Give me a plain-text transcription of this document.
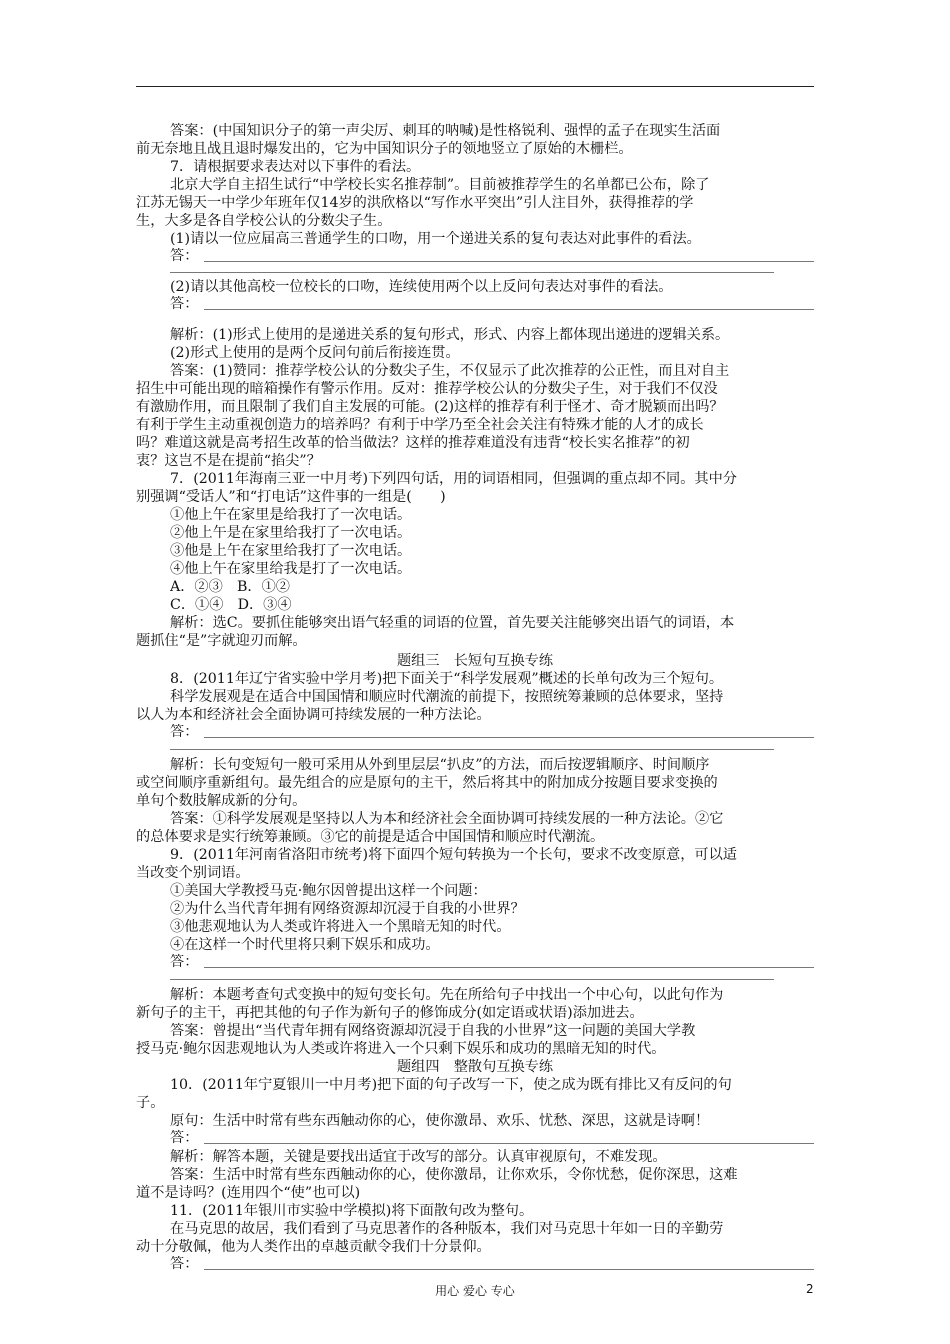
答案：(中国知识分子的第一声尖厉、刺耳的呐喊)是性格锐利、强悍的孟子在现实生活面
前无奈地且战且退时爆发出的，它为中国知识分子的领地竖立了原始的木栅栏。
7．请根据要求表达对以下事件的看法。
北京大学自主招生试行“中学校长实名推荐制”。目前被推荐学生的名单都已公布，除了
江苏无锡天一中学少年班年仅14岁的洪欣格以“写作水平突出”引人注目外，获得推荐的学
生，大多是各自学校公认的分数尖子生。
(1)请以一位应届高三普通学生的口吻，用一个递进关系的复句表达对此事件的看法。
答：
(2)请以其他高校一位校长的口吻，连续使用两个以上反问句表达对事件的看法。
答：
解析：(1)形式上使用的是递进关系的复句形式，形式、内容上都体现出递进的逻辑关系。
(2)形式上使用的是两个反问句前后衔接连贯。
答案：(1)赞同：推荐学校公认的分数尖子生，不仅显示了此次推荐的公正性，而且对自主
招生中可能出现的暗箱操作有警示作用。反对：推荐学校公认的分数尖子生，对于我们不仅没
有激励作用，而且限制了我们自主发展的可能。(2)这样的推荐有利于怪才、奇才脱颖而出吗？
有利于学生主动重视创造力的培养吗？有利于中学乃至全社会关注有特殊才能的人才的成长
吗？难道这就是高考招生改革的恰当做法？这样的推荐难道没有违背“校长实名推荐”的初
衷？这岂不是在提前“掐尖”？
7．(2011年海南三亚一中月考)下列四句话，用的词语相同，但强调的重点却不同。其中分
别强调“受话人”和“打电话”这件事的一组是(　　)
①他上午在家里是给我打了一次电话。
②他上午是在家里给我打了一次电话。
③他是上午在家里给我打了一次电话。
④他上午在家里给我是打了一次电话。
A．②③　B．①②
C．①④　D．③④
解析：选C。要抓住能够突出语气轻重的词语的位置，首先要关注能够突出语气的词语，本
题抓住“是”字就迎刃而解。
题组三　长短句互换专练
8．(2011年辽宁省实验中学月考)把下面关于“科学发展观”概述的长单句改为三个短句。
科学发展观是在适合中国国情和顺应时代潮流的前提下，按照统筹兼顾的总体要求，坚持
以人为本和经济社会全面协调可持续发展的一种方法论。
答：
解析：长句变短句一般可采用从外到里层层“扒皮”的方法，而后按逻辑顺序、时间顺序
或空间顺序重新组句。最先组合的应是原句的主干，然后将其中的附加成分按题目要求变换的
单句个数肢解成新的分句。
答案：①科学发展观是坚持以人为本和经济社会全面协调可持续发展的一种方法论。②它
的总体要求是实行统筹兼顾。③它的前提是适合中国国情和顺应时代潮流。
9．(2011年河南省洛阳市统考)将下面四个短句转换为一个长句，要求不改变原意，可以适
当改变个别词语。
①美国大学教授马克·鲍尔因曾提出这样一个问题：
②为什么当代青年拥有网络资源却沉浸于自我的小世界？
③他悲观地认为人类或许将进入一个黑暗无知的时代。
④在这样一个时代里将只剩下娱乐和成功。
答：
解析：本题考查句式变换中的短句变长句。先在所给句子中找出一个中心句，以此句作为
新句子的主干，再把其他的句子作为新句子的修饰成分(如定语或状语)添加进去。
答案：曾提出“当代青年拥有网络资源却沉浸于自我的小世界”这一问题的美国大学教
授马克·鲍尔因悲观地认为人类或许将进入一个只剩下娱乐和成功的黑暗无知的时代。
题组四　整散句互换专练
10．(2011年宁夏银川一中月考)把下面的句子改写一下，使之成为既有排比又有反问的句
子。
原句：生活中时常有些东西触动你的心，使你激昂、欢乐、忧愁、深思，这就是诗啊！
答：
解析：解答本题，关键是要找出适宜于改写的部分。认真审视原句，不难发现。
答案：生活中时常有些东西触动你的心，使你激昂，让你欢乐，令你忧愁，促你深思，这难
道不是诗吗？(连用四个“使”也可以)
11．(2011年银川市实验中学模拟)将下面散句改为整句。
在马克思的故居，我们看到了马克思著作的各种版本，我们对马克思十年如一日的辛勤劳
动十分敬佩，他为人类作出的卓越贡献令我们十分景仰。
答：
用心 爱心 专心	2
